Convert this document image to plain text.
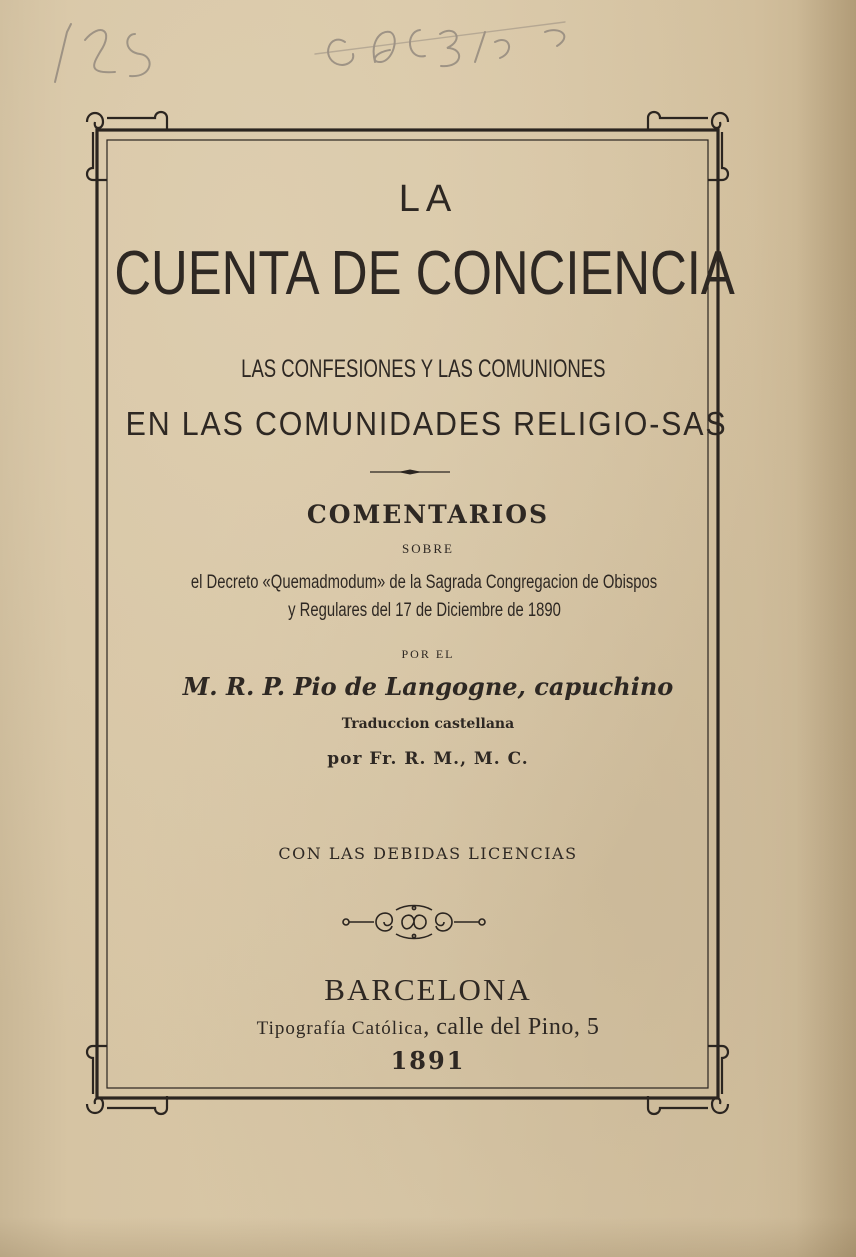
LA
CUENTA DE CONCIENCIA
LAS CONFESIONES Y LAS COMUNIONES
EN LAS COMUNIDADES RELIGIO-SAS
COMENTARIOS
SOBRE
el Decreto «Quemadmodum» de la Sagrada Congregacion de Obispos
y Regulares del 17 de Diciembre de 1890
POR EL
M. R. P. Pio de Langogne, capuchino
Traduccion castellana
por Fr. R. M., M. C.
CON LAS DEBIDAS LICENCIAS
BARCELONA
Tipografía Católica, calle del Pino, 5
1891
